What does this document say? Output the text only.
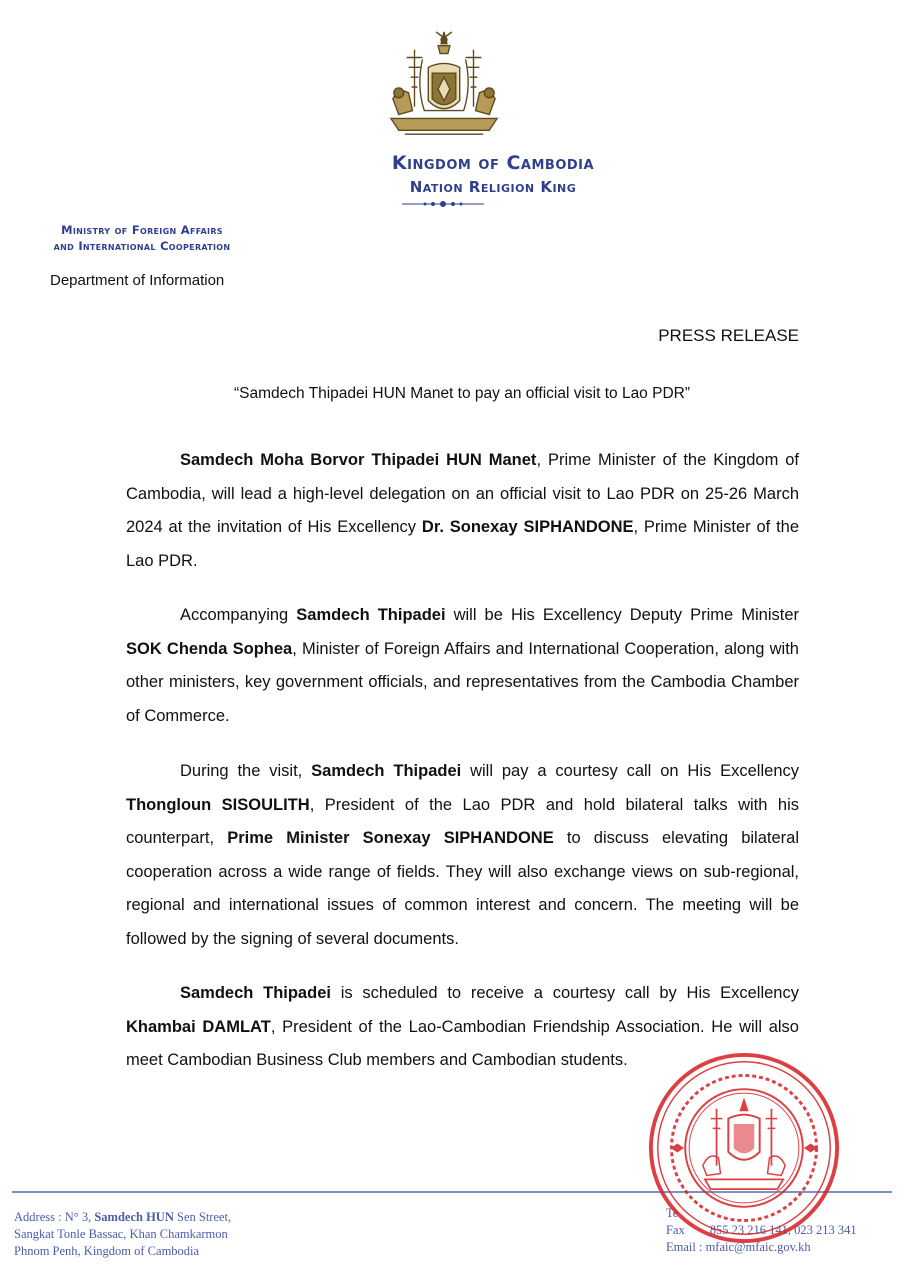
Kingdom of Cambodia
Nation Religion King
Ministry of Foreign Affairs
and International Cooperation
Department of Information
PRESS RELEASE
“Samdech Thipadei HUN Manet to pay an official visit to Lao PDR”

Samdech Moha Borvor Thipadei HUN Manet, Prime Minister of the Kingdom of Cambodia, will lead a high-level delegation on an official visit to Lao PDR on 25-26 March 2024 at the invitation of His Excellency Dr. Sonexay SIPHANDONE, Prime Minister of the Lao PDR.

Accompanying Samdech Thipadei will be His Excellency Deputy Prime Minister SOK Chenda Sophea, Minister of Foreign Affairs and International Cooperation, along with other ministers, key government officials, and representatives from the Cambodia Chamber of Commerce.

During the visit, Samdech Thipadei will pay a courtesy call on His Excellency Thongloun SISOULITH, President of the Lao PDR and hold bilateral talks with his counterpart, Prime Minister Sonexay SIPHANDONE to discuss elevating bilateral cooperation across a wide range of fields. They will also exchange views on sub-regional, regional and international issues of common interest and concern. The meeting will be followed by the signing of several documents.

Samdech Thipadei is scheduled to receive a courtesy call by His Excellency Khambai DAMLAT, President of the Lao-Cambodian Friendship Association. He will also meet Cambodian Business Club members and Cambodian students.

Address : N° 3, Samdech HUN Sen Street,
Sangkat Tonle Bassac, Khan Chamkarmon
Phnom Penh, Kingdom of Cambodia
Te
Fax        855 23 216 141, 023 213 341
Email : mfaic@mfaic.gov.kh
